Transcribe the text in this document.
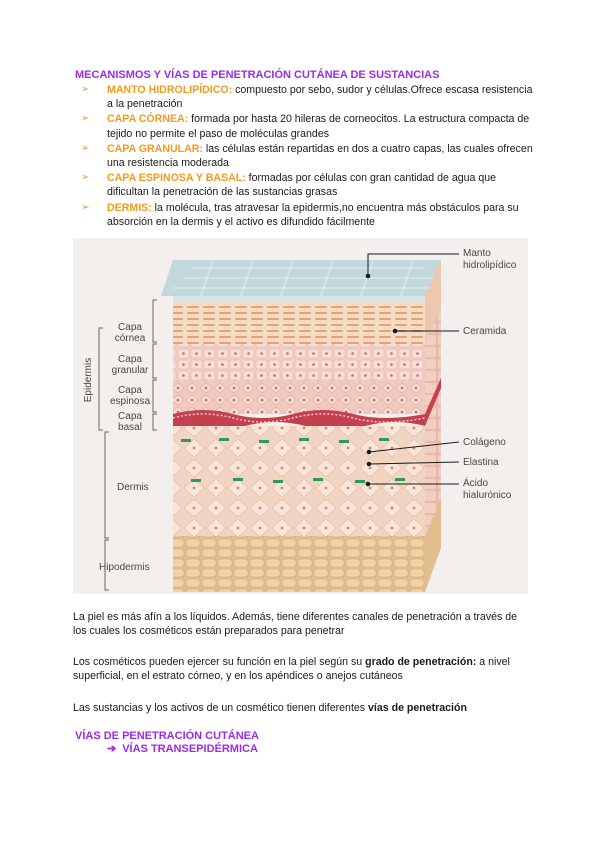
MECANISMOS Y VÍAS DE PENETRACIÓN CUTÁNEA DE SUSTANCIAS
➢ MANTO HIDROLIPÍDICO: compuesto por sebo, sudor y células.Ofrece escasa resistencia a la penetración
➢ CAPA CÓRNEA: formada por hasta 20 hileras de corneocitos. La estructura compacta de tejido no permite el paso de moléculas grandes
➢ CAPA GRANULAR: las células están repartidas en dos a cuatro capas, las cuales ofrecen una resistencia moderada
➢ CAPA ESPINOSA Y BASAL: formadas por células con gran cantidad de agua que dificultan la penetración de las sustancias grasas
➢ DERMIS: la molécula, tras atravesar la epidermis,no encuentra más obstáculos para su absorción en la dermis y el activo es difundido fácilmente
Capa
córnea
Capa
granular
Capa
espinosa
Capa
basal
Epidermis
Dermis
Hipodermis
Manto
hidrolipídico
Ceramida
Colágeno
Elastina
Ácido
hialurónico
La piel es más afín a los líquidos. Además, tiene diferentes canales de penetración a través de los cuales los cosméticos están preparados para penetrar
Los cosméticos pueden ejercer su función en la piel según su grado de penetración: a nivel superficial, en el estrato córneo, y en los apéndices o anejos cutáneos
Las sustancias y los activos de un cosmético tienen diferentes vías de penetración
VÍAS DE PENETRACIÓN CUTÁNEA
➔ VÍAS TRANSEPIDÉRMICA
